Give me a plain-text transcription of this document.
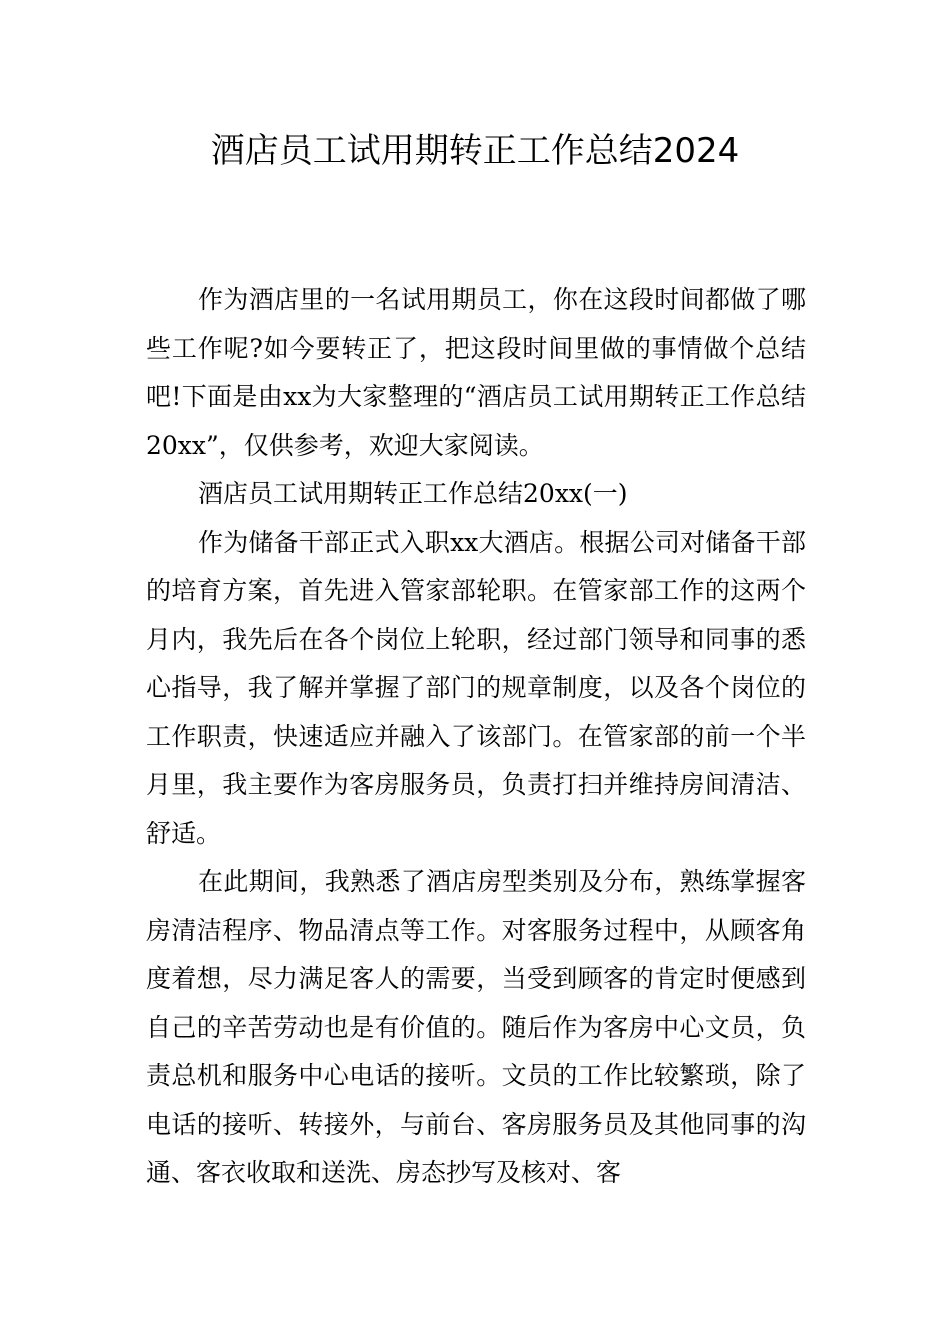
酒店员工试用期转正工作总结2024

作为酒店里的一名试用期员工，你在这段时间都做了哪些工作呢?如今要转正了，把这段时间里做的事情做个总结吧!下面是由xx为大家整理的“酒店员工试用期转正工作总结20xx”，仅供参考，欢迎大家阅读。

酒店员工试用期转正工作总结20xx(一)

作为储备干部正式入职xx大酒店。根据公司对储备干部的培育方案，首先进入管家部轮职。在管家部工作的这两个月内，我先后在各个岗位上轮职，经过部门领导和同事的悉心指导，我了解并掌握了部门的规章制度，以及各个岗位的工作职责，快速适应并融入了该部门。在管家部的前一个半月里，我主要作为客房服务员，负责打扫并维持房间清洁、舒适。

在此期间，我熟悉了酒店房型类别及分布，熟练掌握客房清洁程序、物品清点等工作。对客服务过程中，从顾客角度着想，尽力满足客人的需要，当受到顾客的肯定时便感到自己的辛苦劳动也是有价值的。随后作为客房中心文员，负责总机和服务中心电话的接听。文员的工作比较繁琐，除了电话的接听、转接外，与前台、客房服务员及其他同事的沟通、客衣收取和送洗、房态抄写及核对、客
